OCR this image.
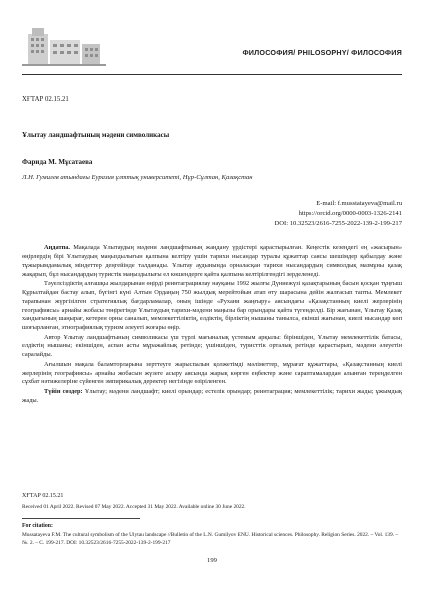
ФИЛОСОФИЯ/ PHILOSOPHY/ ФИЛОСОФИЯ
ХҒТАР 02.15.21
Ұлытау ландшафтының мәдени символикасы
Фарида М. Мұсатаева
Л.Н. Гумилев атындағы Еуразия ұлттық университеті, Нұр-Сұлтан, Қазақстан
E-mail: f.musstatayeva@mail.ru
https://orcid.org/0000-0003-1326-2141
DOI: 10.32523/2616-7255-2022-139-2-199-217

Аңдатпа. Мақалада Ұлытаудың мәдени ландшафтының жаңдану үрдістері қарастырылған. Кеңестік кезеңдегі ең «жасырын» өңірлердің бірі Ұлытаудың маңыздылығын қалпына келтіру үшін тарихи нысандар туралы құжаттар саясы шешімдер қабылдау және тұжырымдамалық міндеттер деңгейінде талданады. Ұлытау аудынында орналасқан тарихи нысандардың символдық мазмұны қазақ жақарып, бұл нысандардың туристік маңыздылығы ел көшендерге қайта қалпына келтірілгендігі зерделенеді.

Тәуелсіздіктің алғашқы жылдарынан өңірді реинтаграциялау науқаны 1992 жылғы Дүниежүзі қазақтарының басын қосқан тұңғыш Құрылтайдан бастау алып, бүгінгі күні Алтын Ордаңың 750 жылдық мерейтойын атап өту шарасына дейін жалғасып тапты. Мемлекет тарапынан жүргізілген стратегиялық бағдарламалар, оның ішінде «Рухани жаңғыру» аясындағы «Қазақстанның киелі жерлерінің географиясы» арнайы жобасы төңірегінде Ұлытаудың тарихи-мәдени маңызы бар орындары қайта түгенделді. Бір жағынан, Ұлытау Қазақ хандығының шаңырағ, кетерен орны саналып, мемлекеттіліктің, елдіктің, бірліктің нышаны танылса, екінші жағынан, киелі нысандар көп шоғырланған, этнографиялық туризм әлеуеті жоғары өңір.

Автор Ұлытау ландшафтының символикасы үш түрлі мағыналық үстемым арқылы: біріншіден, Ұлытау мемлекеттілік батасы, елдіктің нышаны; екіншіден, аспан асты мұражайлық ретінде; үшіншіден, туристтік орталық ретінде қарастырып, мәдени әлеуетін саралайды.

Ағылшын мақала баламторларына зерттеуге жарыспалын қолжетімді мәліметтер, мұрағат құжаттары, «Қазақстанның киелі жерлерінің географиясы» арнайы жобасын жүзеге асыру аясында жарық көрген еңбектер және сараптамалардан алынған тереңделген сұхбат нәтижелеріне сүйенген эмпирикалық деректер негізінде өзіріленген.

Түйін сөздер: Ұлытау; мәдени ландшафт; киелі орындар; естелік орындар; реинтаграция; мемлекеттілік; тарихи жады; ұжымдық жады.

ХҒТАР 02.15.21
Received 01 April 2022. Revised 07 May 2022. Accepted 31 May 2022. Available online 30 June 2022.
For citation:
Mussatayeva F.M. The cultural symbolism of the Ulytau landscape //Bulletin of the L.N. Gumilyov ENU. Historical sciences. Philosophy. Religion Series. 2022. – Vol. 139. – №. 2. – С. 199-217. DOI: 10.32523/2616-7255-2022-139-2-199-217
199
